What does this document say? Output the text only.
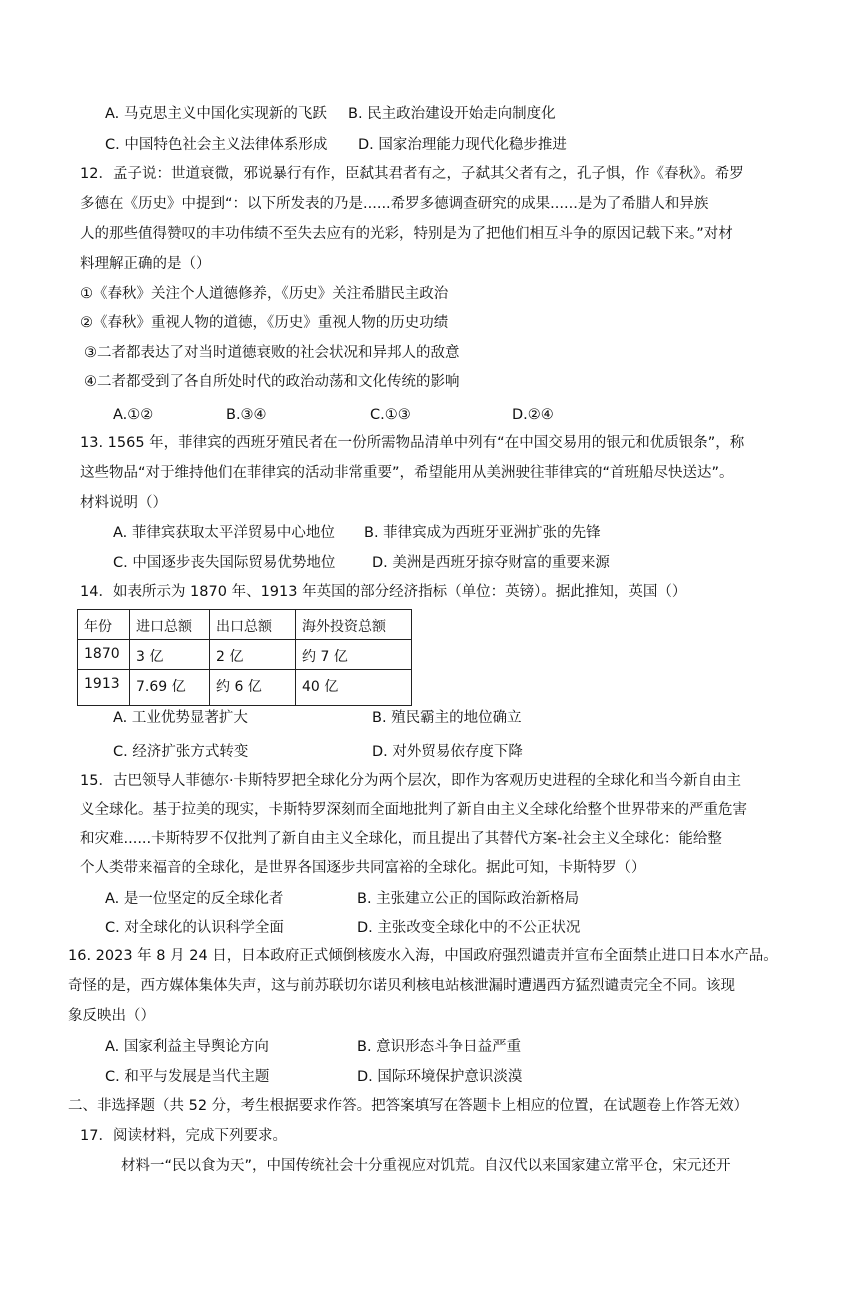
A. 马克思主义中国化实现新的飞跃 B. 民主政治建设开始走向制度化
C. 中国特色社会主义法律体系形成 D. 国家治理能力现代化稳步推进
12．孟子说：世道衰微，邪说暴行有作，臣弑其君者有之，子弑其父者有之，孔子惧，作《春秋》。希罗
多德在《历史》中提到“：以下所发表的乃是......希罗多德调查研究的成果......是为了希腊人和异族
人的那些值得赞叹的丰功伟绩不至失去应有的光彩，特别是为了把他们相互斗争的原因记载下来。”对材
料理解正确的是（）
①《春秋》关注个人道德修养，《历史》关注希腊民主政治
②《春秋》重视人物的道德，《历史》重视人物的历史功绩
③二者都表达了对当时道德衰败的社会状况和异邦人的敌意
④二者都受到了各自所处时代的政治动荡和文化传统的影响
A.①②	B.③④	C.①③	D.②④
13. 1565 年，菲律宾的西班牙殖民者在一份所需物品清单中列有“在中国交易用的银元和优质银条”，称
这些物品“对于维持他们在菲律宾的活动非常重要”，希望能用从美洲驶往菲律宾的“首班船尽快送达”。
材料说明（）
A. 菲律宾获取太平洋贸易中心地位 B. 菲律宾成为西班牙亚洲扩张的先锋
C. 中国逐步丧失国际贸易优势地位	D. 美洲是西班牙掠夺财富的重要来源
14．如表所示为 1870 年、1913 年英国的部分经济指标（单位：英镑）。据此推知，英国（）
年份	进口总额	出口总额	海外投资总额
1870	3 亿	2 亿	约 7 亿
1913	7.69 亿	约 6 亿	40 亿
A. 工业优势显著扩大	B. 殖民霸主的地位确立
C. 经济扩张方式转变	D. 对外贸易依存度下降
15．古巴领导人菲德尔·卡斯特罗把全球化分为两个层次，即作为客观历史进程的全球化和当今新自由主
义全球化。基于拉美的现实，卡斯特罗深刻而全面地批判了新自由主义全球化给整个世界带来的严重危害
和灾难......卡斯特罗不仅批判了新自由主义全球化，而且提出了其替代方案-社会主义全球化：能给整
个人类带来福音的全球化，是世界各国逐步共同富裕的全球化。据此可知，卡斯特罗（）
A. 是一位坚定的反全球化者	B. 主张建立公正的国际政治新格局
C. 对全球化的认识科学全面	D. 主张改变全球化中的不公正状况
16. 2023 年 8 月 24 日，日本政府正式倾倒核废水入海，中国政府强烈谴责并宣布全面禁止进口日本水产品。
奇怪的是，西方媒体集体失声，这与前苏联切尔诺贝利核电站核泄漏时遭遇西方猛烈谴责完全不同。该现
象反映出（）
A. 国家利益主导舆论方向	B. 意识形态斗争日益严重
C. 和平与发展是当代主题	D. 国际环境保护意识淡漠
二、非选择题（共 52 分，考生根据要求作答。把答案填写在答题卡上相应的位置，在试题卷上作答无效）
17．阅读材料，完成下列要求。
材料一“民以食为天”，中国传统社会十分重视应对饥荒。自汉代以来国家建立常平仓，宋元还开
